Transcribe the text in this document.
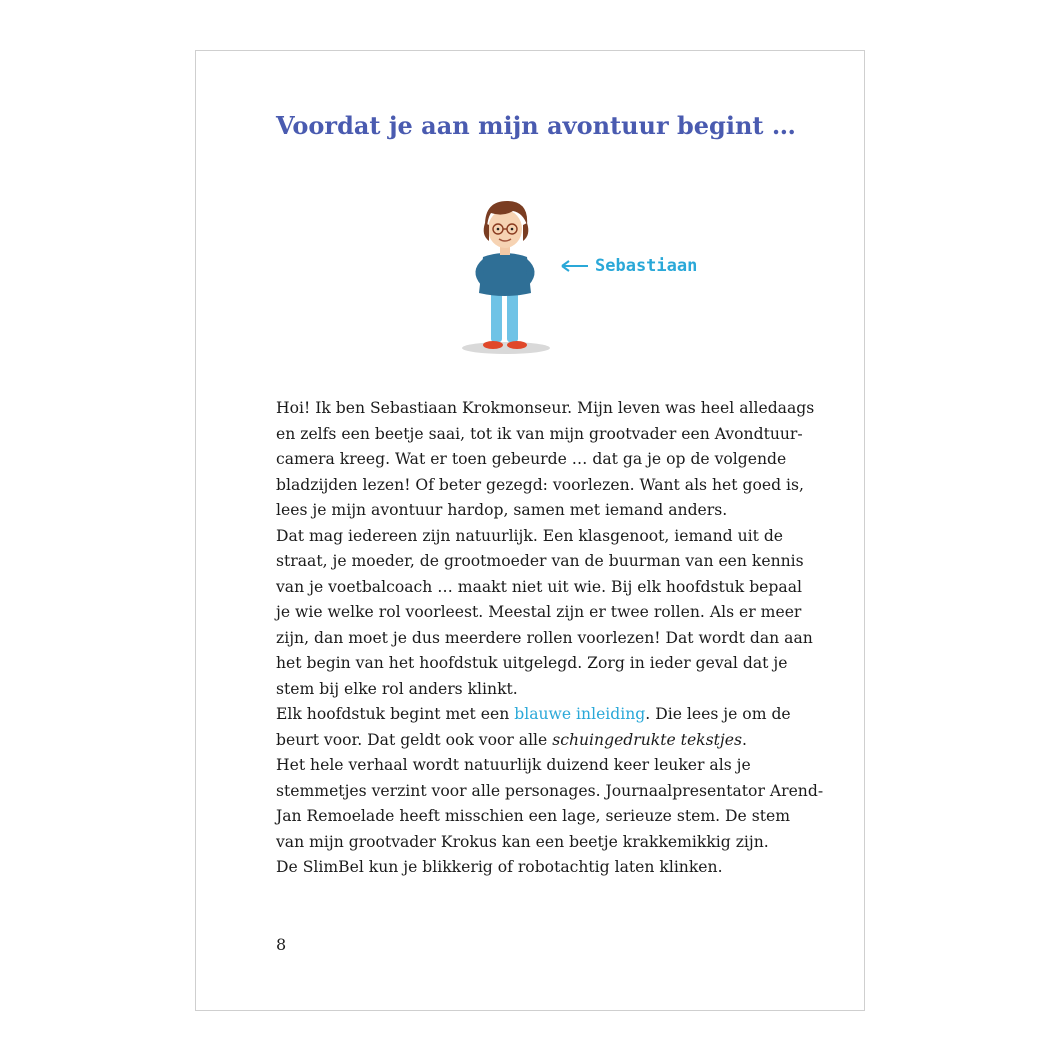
Voordat je aan mijn avontuur begint …
Sebastiaan
Hoi! Ik ben Sebastiaan Krokmonseur. Mijn leven was heel alledaags
en zelfs een beetje saai, tot ik van mijn grootvader een Avondtuur-
camera kreeg. Wat er toen gebeurde … dat ga je op de volgende
bladzijden lezen! Of beter gezegd: voorlezen. Want als het goed is,
lees je mijn avontuur hardop, samen met iemand anders.
Dat mag iedereen zijn natuurlijk. Een klasgenoot, iemand uit de
straat, je moeder, de grootmoeder van de buurman van een kennis
van je voetbalcoach … maakt niet uit wie. Bij elk hoofdstuk bepaal
je wie welke rol voorleest. Meestal zijn er twee rollen. Als er meer
zijn, dan moet je dus meerdere rollen voorlezen! Dat wordt dan aan
het begin van het hoofdstuk uitgelegd. Zorg in ieder geval dat je
stem bij elke rol anders klinkt.
Elk hoofdstuk begint met een blauwe inleiding. Die lees je om de
beurt voor. Dat geldt ook voor alle schuingedrukte tekstjes.
Het hele verhaal wordt natuurlijk duizend keer leuker als je
stemmetjes verzint voor alle personages. Journaalpresentator Arend-
Jan Remoelade heeft misschien een lage, serieuze stem. De stem
van mijn grootvader Krokus kan een beetje krakkemikkig zijn.
De SlimBel kun je blikkerig of robotachtig laten klinken.
8
